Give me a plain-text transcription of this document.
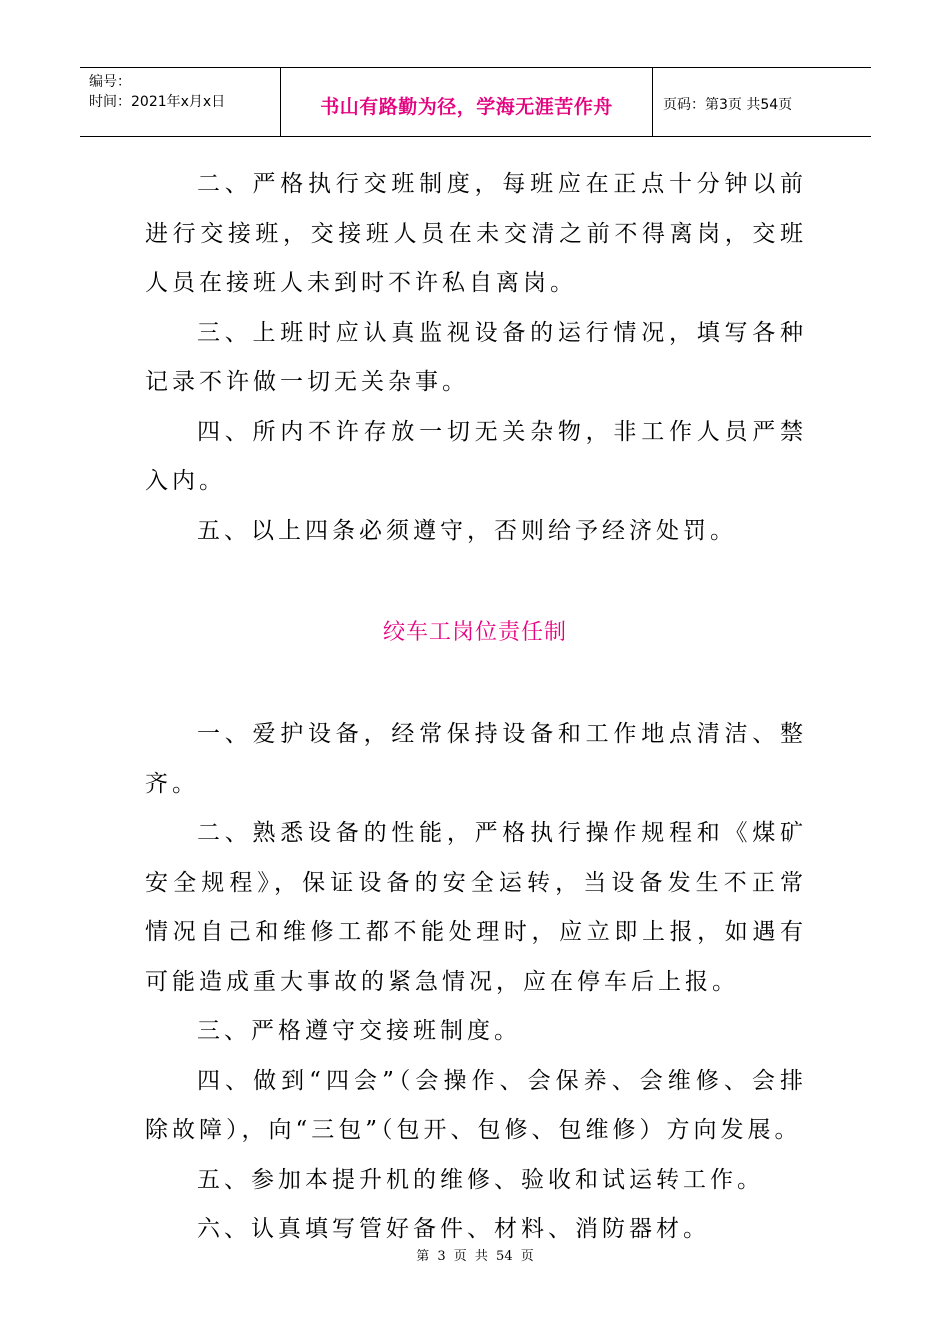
编号：
时间：2021年x月x日	书山有路勤为径，学海无涯苦作舟	页码：第3页 共54页

二、严格执行交班制度，每班应在正点十分钟以前进行交接班，交接班人员在未交清之前不得离岗，交班人员在接班人未到时不许私自离岗。

三、上班时应认真监视设备的运行情况，填写各种记录不许做一切无关杂事。

四、所内不许存放一切无关杂物，非工作人员严禁入内。

五、以上四条必须遵守，否则给予经济处罚。

绞车工岗位责任制

一、爱护设备，经常保持设备和工作地点清洁、整齐。

二、熟悉设备的性能，严格执行操作规程和《煤矿安全规程》，保证设备的安全运转，当设备发生不正常情况自己和维修工都不能处理时，应立即上报，如遇有可能造成重大事故的紧急情况，应在停车后上报。

三、严格遵守交接班制度。

四、做到“四会”（会操作、会保养、会维修、会排除故障），向“三包”（包开、包修、包维修）方向发展。

五、参加本提升机的维修、验收和试运转工作。

六、认真填写管好备件、材料、消防器材。

第 3 页 共 54 页
